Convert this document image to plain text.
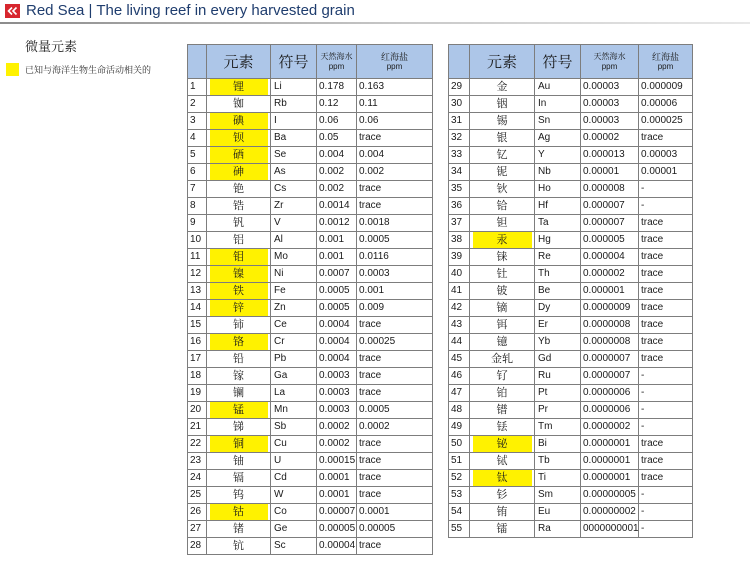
Red Sea | The living reef in every harvested grain
微量元素
已知与海洋生物生命活动相关的
		元素	符号	天然海水
ppm	红海盐
ppm

1	锂	Li	0.178	0.163
2	铷	Rb	0.12	0.11
3	碘	I	0.06	0.06
4	钡	Ba	0.05	trace
5	硒	Se	0.004	0.004
6	砷	As	0.002	0.002
7	铯	Cs	0.002	trace
8	锆	Zr	0.0014	trace
9	钒	V	0.0012	0.0018
10	铝	Al	0.001	0.0005
11	钼	Mo	0.001	0.0116
12	镍	Ni	0.0007	0.0003
13	铁	Fe	0.0005	0.001
14	锌	Zn	0.0005	0.009
15	铈	Ce	0.0004	trace
16	铬	Cr	0.0004	0.00025
17	铅	Pb	0.0004	trace
18	镓	Ga	0.0003	trace
19	镧	La	0.0003	trace
20	锰	Mn	0.0003	0.0005
21	锑	Sb	0.0002	0.0002
22	铜	Cu	0.0002	trace
23	铀	U	0.00015	trace
24	镉	Cd	0.0001	trace
25	钨	W	0.0001	trace
26	钴	Co	0.00007	0.0001
27	锗	Ge	0.00005	0.00005
28	钪	Sc	0.00004	trace
	元素	符号	天然海水
ppm	红海盐
ppm

29	金	Au	0.00003	0.000009
30	铟	In	0.00003	0.00006
31	锡	Sn	0.00003	0.000025
32	银	Ag	0.00002	trace
33	钇	Y	0.000013	0.00003
34	铌	Nb	0.00001	0.00001
35	钬	Ho	0.000008	-
36	铪	Hf	0.000007	-
37	钽	Ta	0.000007	trace
38	汞	Hg	0.000005	trace
39	铼	Re	0.000004	trace
40	钍	Th	0.000002	trace
41	铍	Be	0.000001	trace
42	镝	Dy	0.0000009	trace
43	铒	Er	0.0000008	trace
44	镱	Yb	0.0000008	trace
45	金轧	Gd	0.0000007	trace
46	钌	Ru	0.0000007	-
47	铂	Pt	0.0000006	-
48	镨	Pr	0.0000006	-
49	铥	Tm	0.0000002	-
50	铋	Bi	0.0000001	trace
51	铽	Tb	0.0000001	trace
52	钛	Ti	0.0000001	trace
53	钐	Sm	0.00000005	-
54	铕	Eu	0.00000002	-
55	镭	Ra	0000000001	-
